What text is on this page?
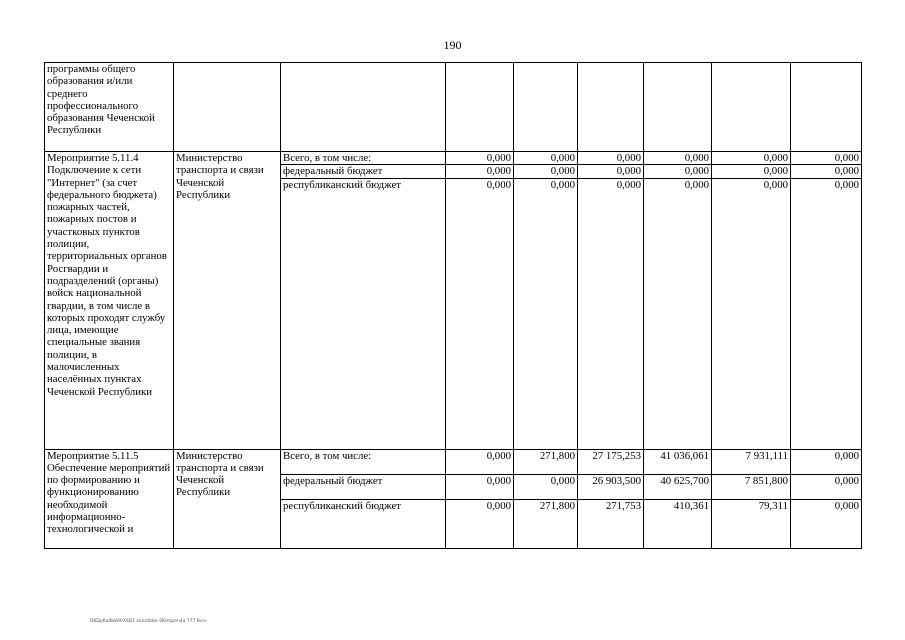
190
программы общего образования и/или среднего профессионального образования Чеченской Республики								
Мероприятие 5.11.4 Подключение к сети "Интернет" (за счет федерального бюджета) пожарных частей, пожарных постов и участковых пунктов полиции, территориальных органов Росгвардии и подразделений (органы) войск национальной гвардии, в том числе в которых проходят службу лица, имеющие специальные звания полиции, в малочисленных населённых пунктах Чеченской Республики	Министерство транспорта и связи Чеченской Республики	Всего, в том числе:	0,000	0,000	0,000	0,000	0,000	0,000
		федеральный бюджет	0,000	0,000	0,000	0,000	0,000	0,000
		республиканский бюджет	0,000	0,000	0,000	0,000	0,000	0,000
Мероприятие 5.11.5 Обеспечение мероприятий по формированию и функционированию необходимой информационно-технологической и	Министерство транспорта и связи Чеченской Республики	Всего, в том числе:	0,000	271,800	27 175,253	41 036,061	7 931,111	0,000
		федеральный бюджет	0,000	0,000	26 903,500	40 625,700	7 851,800	0,000
		республиканский бюджет	0,000	271,800	271,753	410,361	79,311	0,000
DKDpKa8b8AVXSD1 sanntbbn-2Kmtpen4a 777 Bvrs
